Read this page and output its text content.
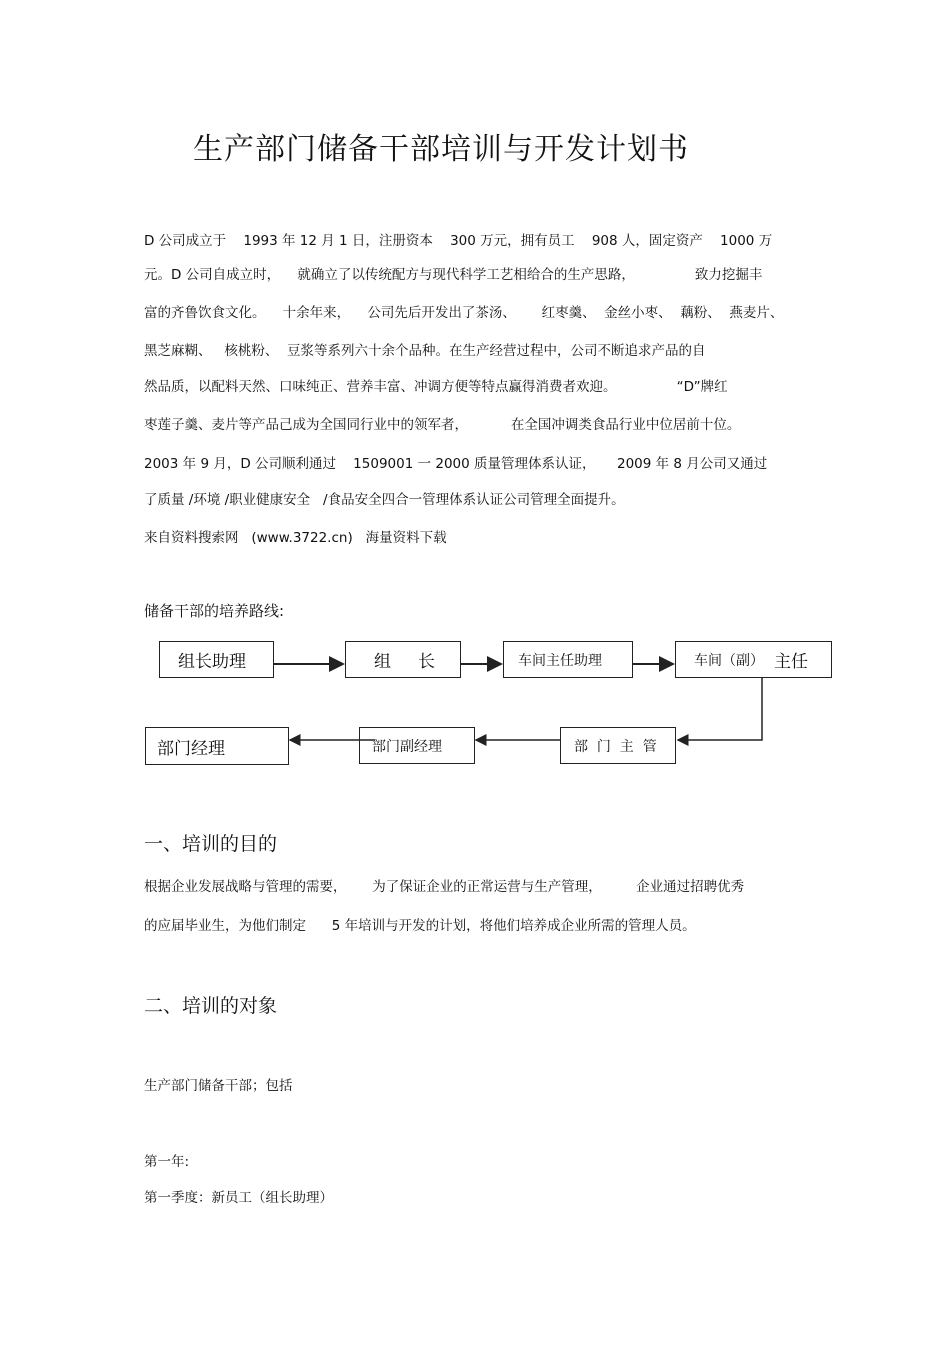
生产部门储备干部培训与开发计划书
D 公司成立于    1993 年 12 月 1 日，注册资本    300 万元，拥有员工    908 人，固定资产    1000 万
元。D 公司自成立时，    就确立了以传统配方与现代科学工艺相给合的生产思路，              致力挖掘丰
富的齐鲁饮食文化。    十余年来，    公司先后开发出了茶汤、      红枣羹、  金丝小枣、  藕粉、  燕麦片、
黑芝麻糊、   核桃粉、  豆浆等系列六十余个品种。在生产经营过程中，公司不断追求产品的自
然品质，以配料天然、口味纯正、营养丰富、冲调方便等特点赢得消费者欢迎。              “D”牌红
枣莲子羹、麦片等产品己成为全国同行业中的领军者，          在全国冲调类食品行业中位居前十位。
2003 年 9 月，D 公司顺利通过    1509001 一 2000 质量管理体系认证，     2009 年 8 月公司又通过
了质量 /环境 /职业健康安全   /食品安全四合一管理体系认证公司管理全面提升。
来自资料搜索网   (www.3722.cn)   海量资料下载
储备干部的培养路线:
组长助理	组     长	车间主任助理	车间（副） 主任
部  门  主  管
部门副经理
部门经理
一、培训的目的
根据企业发展战略与管理的需要，      为了保证企业的正常运营与生产管理，        企业通过招聘优秀
的应届毕业生，为他们制定      5 年培训与开发的计划，将他们培养成企业所需的管理人员。
二、培训的对象
生产部门储备干部；包括
第一年:
第一季度：新员工（组长助理）
